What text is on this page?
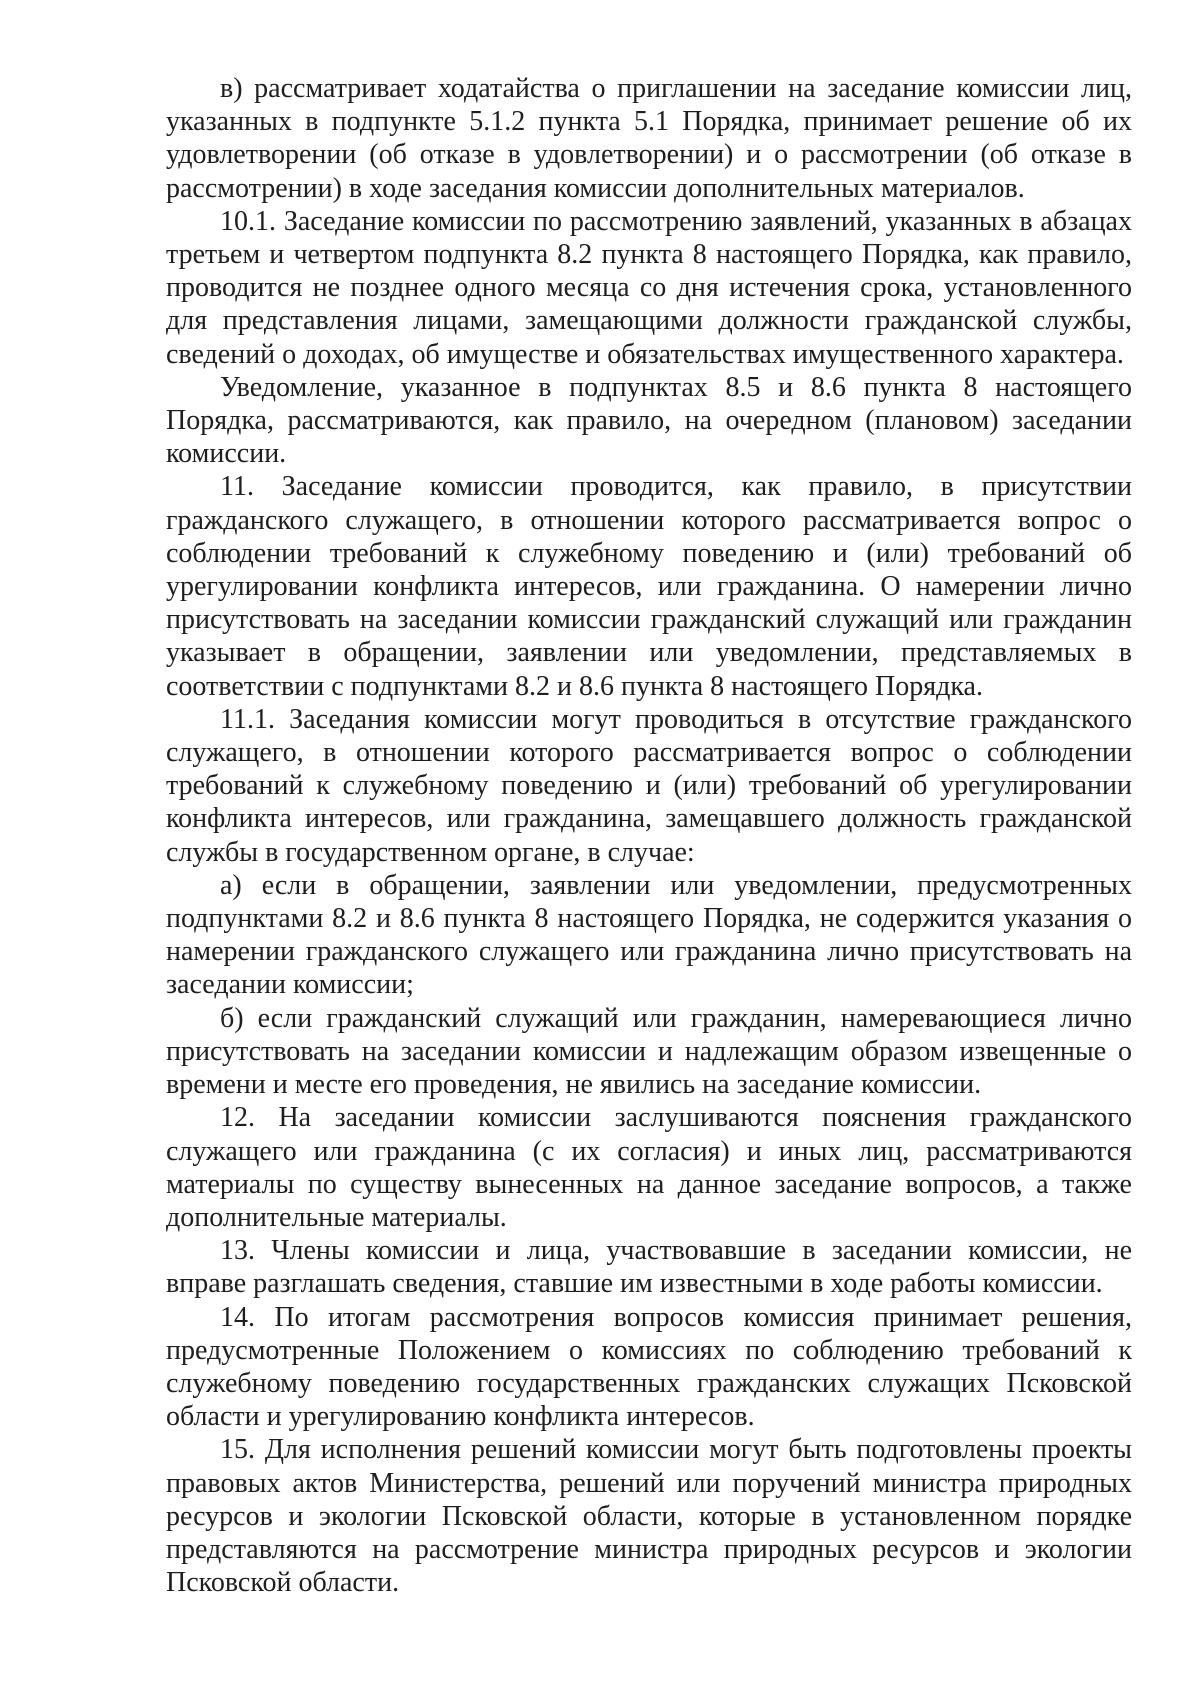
в) рассматривает ходатайства о приглашении на заседание комиссии лиц, указанных в подпункте 5.1.2 пункта 5.1 Порядка, принимает решение об их удовлетворении (об отказе в удовлетворении) и о рассмотрении (об отказе в рассмотрении) в ходе заседания комиссии дополнительных материалов.

10.1. Заседание комиссии по рассмотрению заявлений, указанных в абзацах третьем и четвертом подпункта 8.2 пункта 8 настоящего Порядка, как правило, проводится не позднее одного месяца со дня истечения срока, установленного для представления лицами, замещающими должности гражданской службы, сведений о доходах, об имуществе и обязательствах имущественного характера.

Уведомление, указанное в подпунктах 8.5 и 8.6 пункта 8 настоящего Порядка, рассматриваются, как правило, на очередном (плановом) заседании комиссии.

11. Заседание комиссии проводится, как правило, в присутствии гражданского служащего, в отношении которого рассматривается вопрос о соблюдении требований к служебному поведению и (или) требований об урегулировании конфликта интересов, или гражданина. О намерении лично присутствовать на заседании комиссии гражданский служащий или гражданин указывает в обращении, заявлении или уведомлении, представляемых в соответствии с подпунктами 8.2 и 8.6 пункта 8 настоящего Порядка.

11.1. Заседания комиссии могут проводиться в отсутствие гражданского служащего, в отношении которого рассматривается вопрос о соблюдении требований к служебному поведению и (или) требований об урегулировании конфликта интересов, или гражданина, замещавшего должность гражданской службы в государственном органе, в случае:

а) если в обращении, заявлении или уведомлении, предусмотренных подпунктами 8.2 и 8.6 пункта 8 настоящего Порядка, не содержится указания о намерении гражданского служащего или гражданина лично присутствовать на заседании комиссии;

б) если гражданский служащий или гражданин, намеревающиеся лично присутствовать на заседании комиссии и надлежащим образом извещенные о времени и месте его проведения, не явились на заседание комиссии.

12. На заседании комиссии заслушиваются пояснения гражданского служащего или гражданина (с их согласия) и иных лиц, рассматриваются материалы по существу вынесенных на данное заседание вопросов, а также дополнительные материалы.

13. Члены комиссии и лица, участвовавшие в заседании комиссии, не вправе разглашать сведения, ставшие им известными в ходе работы комиссии.

14. По итогам рассмотрения вопросов комиссия принимает решения, предусмотренные Положением о комиссиях по соблюдению требований к служебному поведению государственных гражданских служащих Псковской области и урегулированию конфликта интересов.

15. Для исполнения решений комиссии могут быть подготовлены проекты правовых актов Министерства, решений или поручений министра природных ресурсов и экологии Псковской области, которые в установленном порядке представляются на рассмотрение министра природных ресурсов и экологии Псковской области.
